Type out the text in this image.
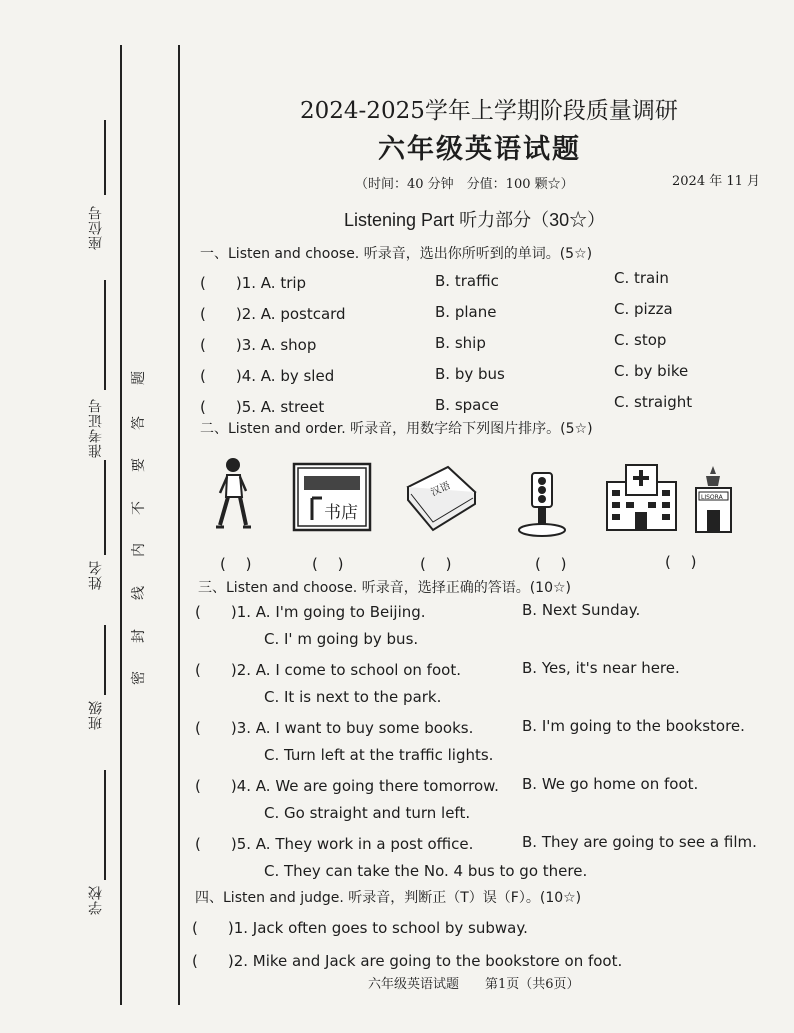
座位号
准考证号
姓名
班级
学校
题
答
要
不
内
线
封
密
2024-2025学年上学期阶段质量调研
六年级英语试题
（时间：40 分钟　分值：100 颗☆）	2024 年 11 月
Listening Part 听力部分（30☆）
一、Listen and choose. 听录音，选出你所听到的单词。(5☆)
(　　)1. A. trip	B. traffic	C. train
(　　)2. A. postcard	B. plane	C. pizza
(　　)3. A. shop	B. ship	C. stop
(　　)4. A. by sled	B. by bus	C. by bike
(　　)5. A. street	B. space	C. straight
二、Listen and order. 听录音，用数字给下列图片排序。(5☆)
书店
汉语	LISORA
(　 )	(　 )	(　 )	(　 )	(　 )
三、Listen and choose. 听录音，选择正确的答语。(10☆)
(　　)1. A. I'm going to Beijing.	B. Next Sunday.
C. I' m going by bus.
(　　)2. A. I come to school on foot.	B. Yes, it's near here.
C. It is next to the park.
(　　)3. A. I want to buy some books.	B. I'm going to the bookstore.
C. Turn left at the traffic lights.
(　　)4. A. We are going there tomorrow. B. We go home on foot.
C. Go straight and turn left.
(　　)5. A. They work in a post office.	B. They are going to see a film.
C. They can take the No. 4 bus to go there.
四、Listen and judge. 听录音，判断正（T）误（F）。(10☆)
(　　)1. Jack often goes to school by subway.
(　　)2. Mike and Jack are going to the bookstore on foot.
六年级英语试题　　第1页（共6页）
